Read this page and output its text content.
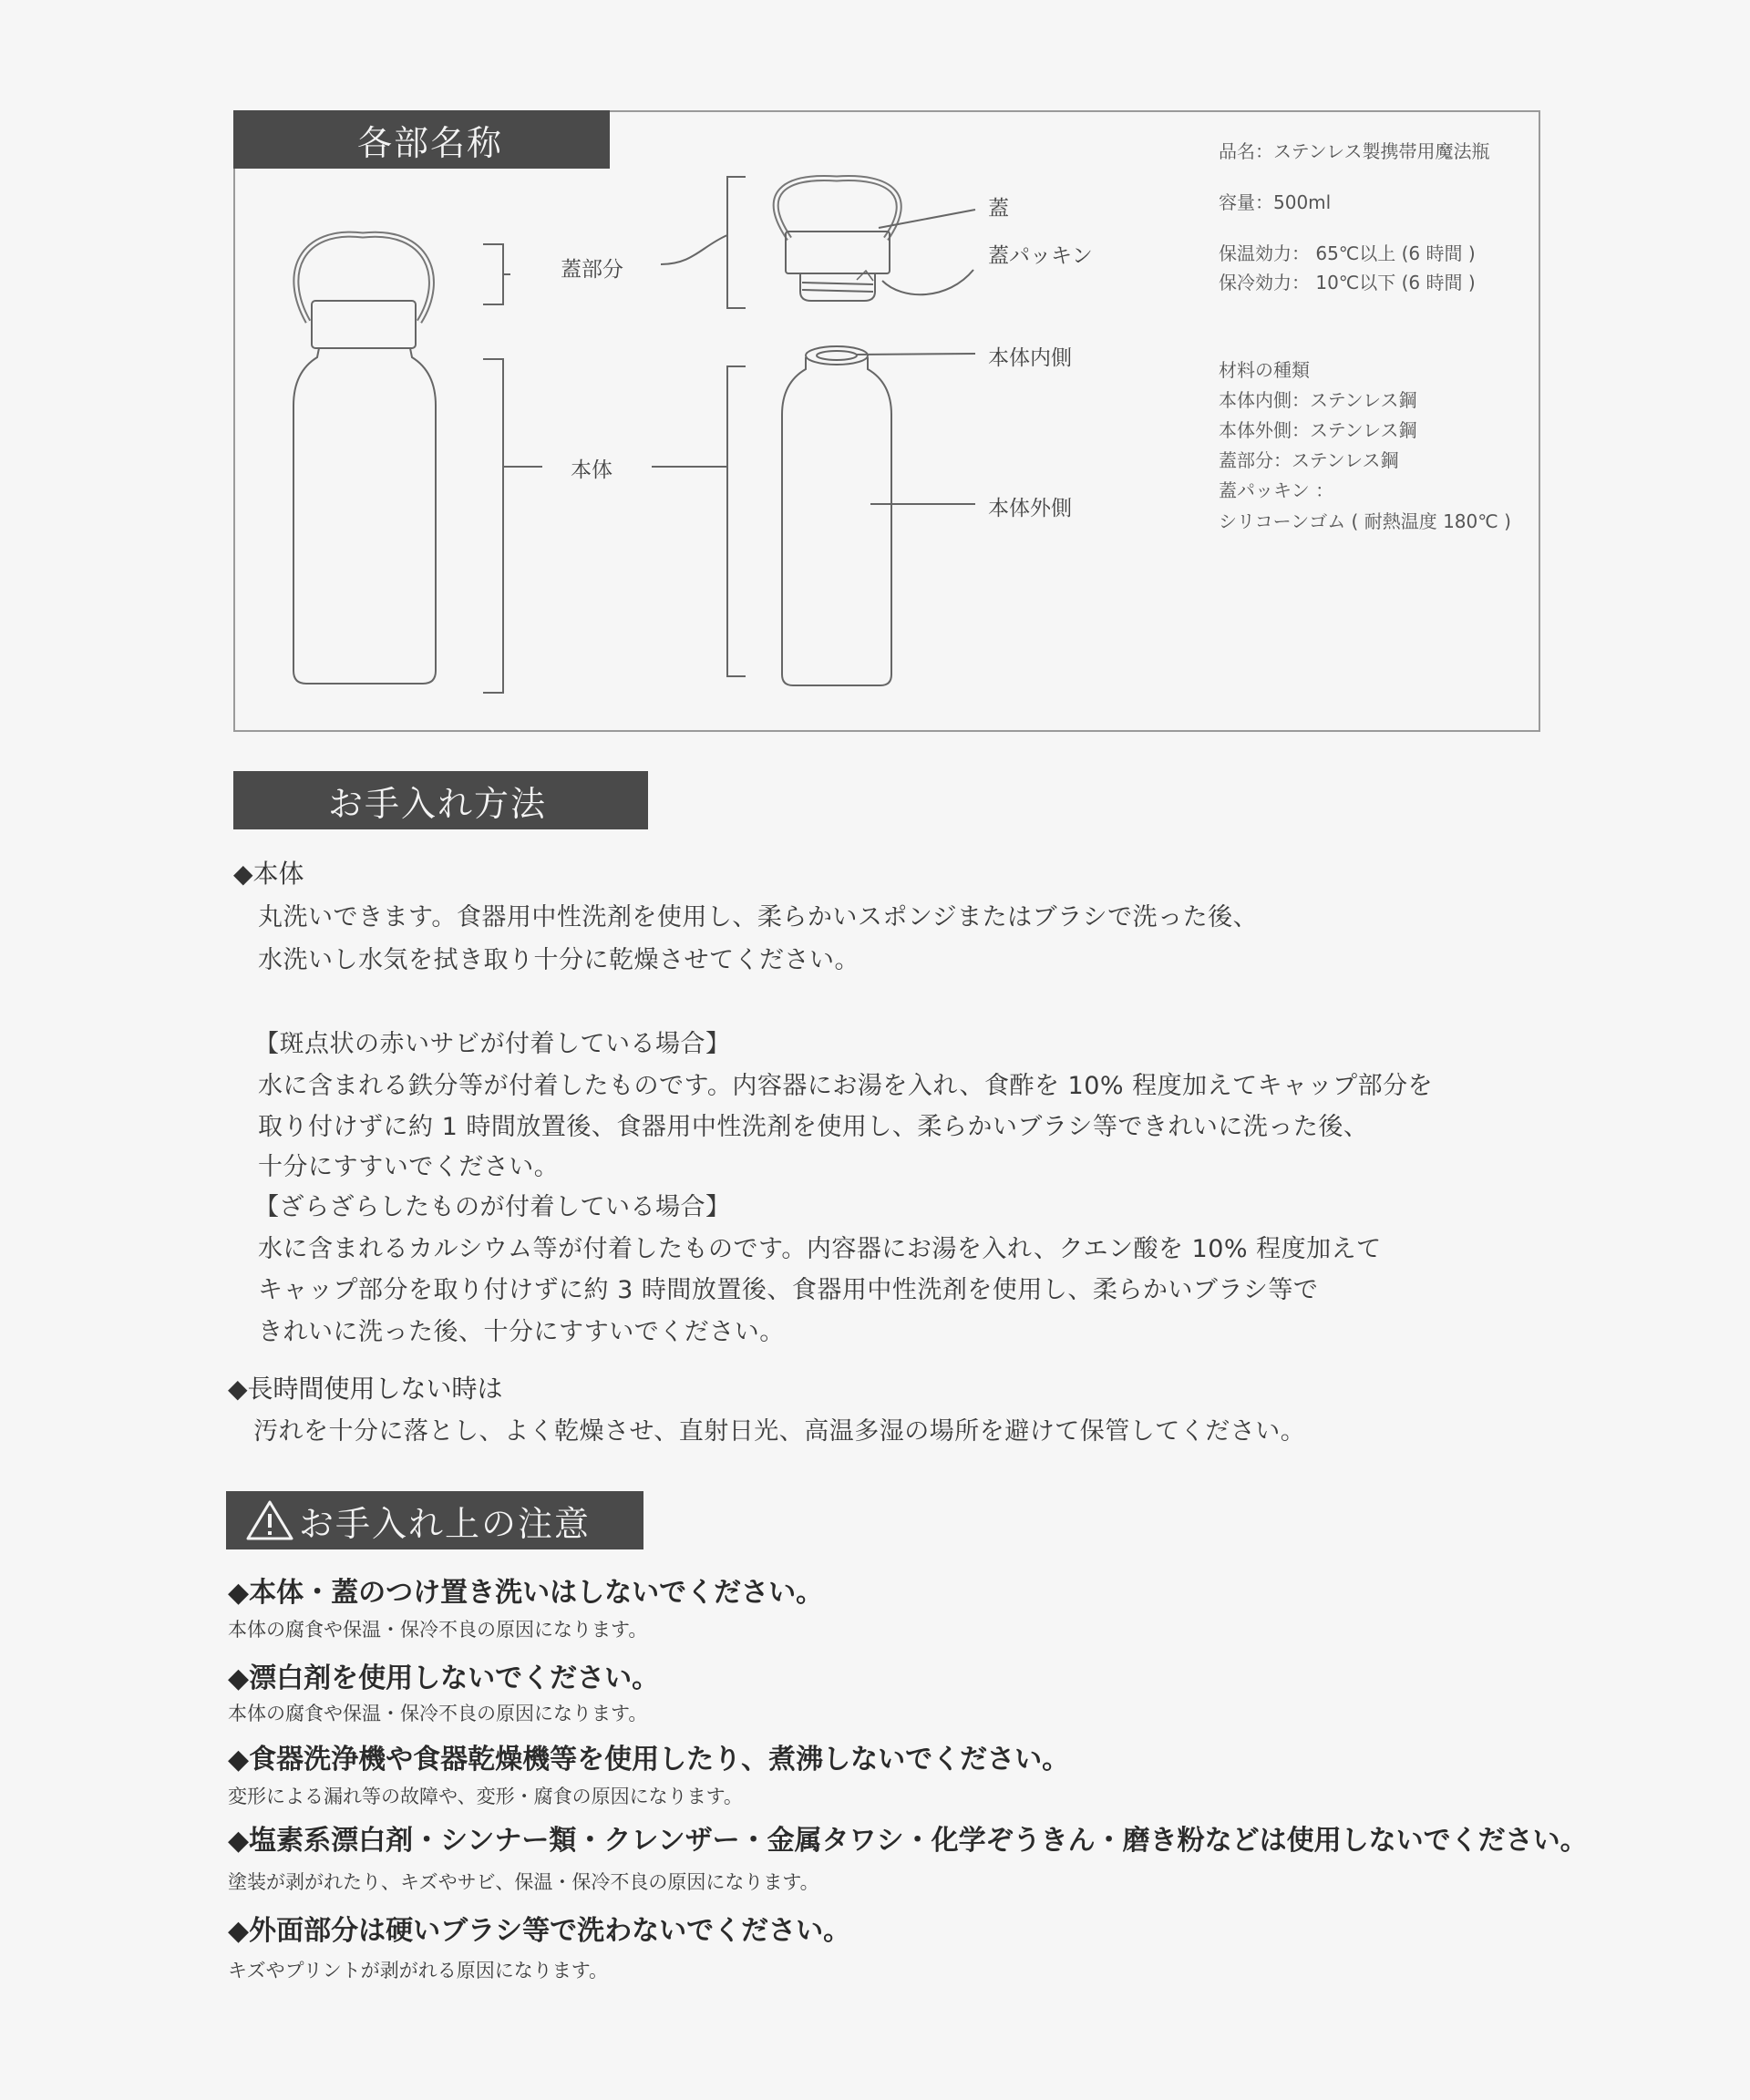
各部名称
蓋部分
本体
蓋
蓋パッキン
本体内側
本体外側
品名：ステンレス製携帯用魔法瓶
容量：500ml
保温効力： 65℃以上 (6 時間 )
保冷効力： 10℃以下 (6 時間 )
材料の種類
本体内側：ステンレス鋼
本体外側：ステンレス鋼
蓋部分：ステンレス鋼
蓋パッキン ：
シリコーンゴム ( 耐熱温度 180℃ )
お手入れ方法
◆本体
丸洗いできます。食器用中性洗剤を使用し、柔らかいスポンジまたはブラシで洗った後、
水洗いし水気を拭き取り十分に乾燥させてください。
【斑点状の赤いサビが付着している場合】
水に含まれる鉄分等が付着したものです。内容器にお湯を入れ、食酢を 10% 程度加えてキャップ部分を
取り付けずに約 1 時間放置後、食器用中性洗剤を使用し、柔らかいブラシ等できれいに洗った後、
十分にすすいでください。
【ざらざらしたものが付着している場合】
水に含まれるカルシウム等が付着したものです。内容器にお湯を入れ、クエン酸を 10% 程度加えて
キャップ部分を取り付けずに約 3 時間放置後、食器用中性洗剤を使用し、柔らかいブラシ等で
きれいに洗った後、十分にすすいでください。
◆長時間使用しない時は
汚れを十分に落とし、よく乾燥させ、直射日光、高温多湿の場所を避けて保管してください。
お手入れ上の注意
◆本体・蓋のつけ置き洗いはしないでください。
本体の腐食や保温・保冷不良の原因になります。
◆漂白剤を使用しないでください。
本体の腐食や保温・保冷不良の原因になります。
◆食器洗浄機や食器乾燥機等を使用したり、煮沸しないでください。
変形による漏れ等の故障や、変形・腐食の原因になります。
◆塩素系漂白剤・シンナー類・クレンザー・金属タワシ・化学ぞうきん・磨き粉などは使用しないでください。
塗装が剥がれたり、キズやサビ、保温・保冷不良の原因になります。
◆外面部分は硬いブラシ等で洗わないでください。
キズやプリントが剥がれる原因になります。
